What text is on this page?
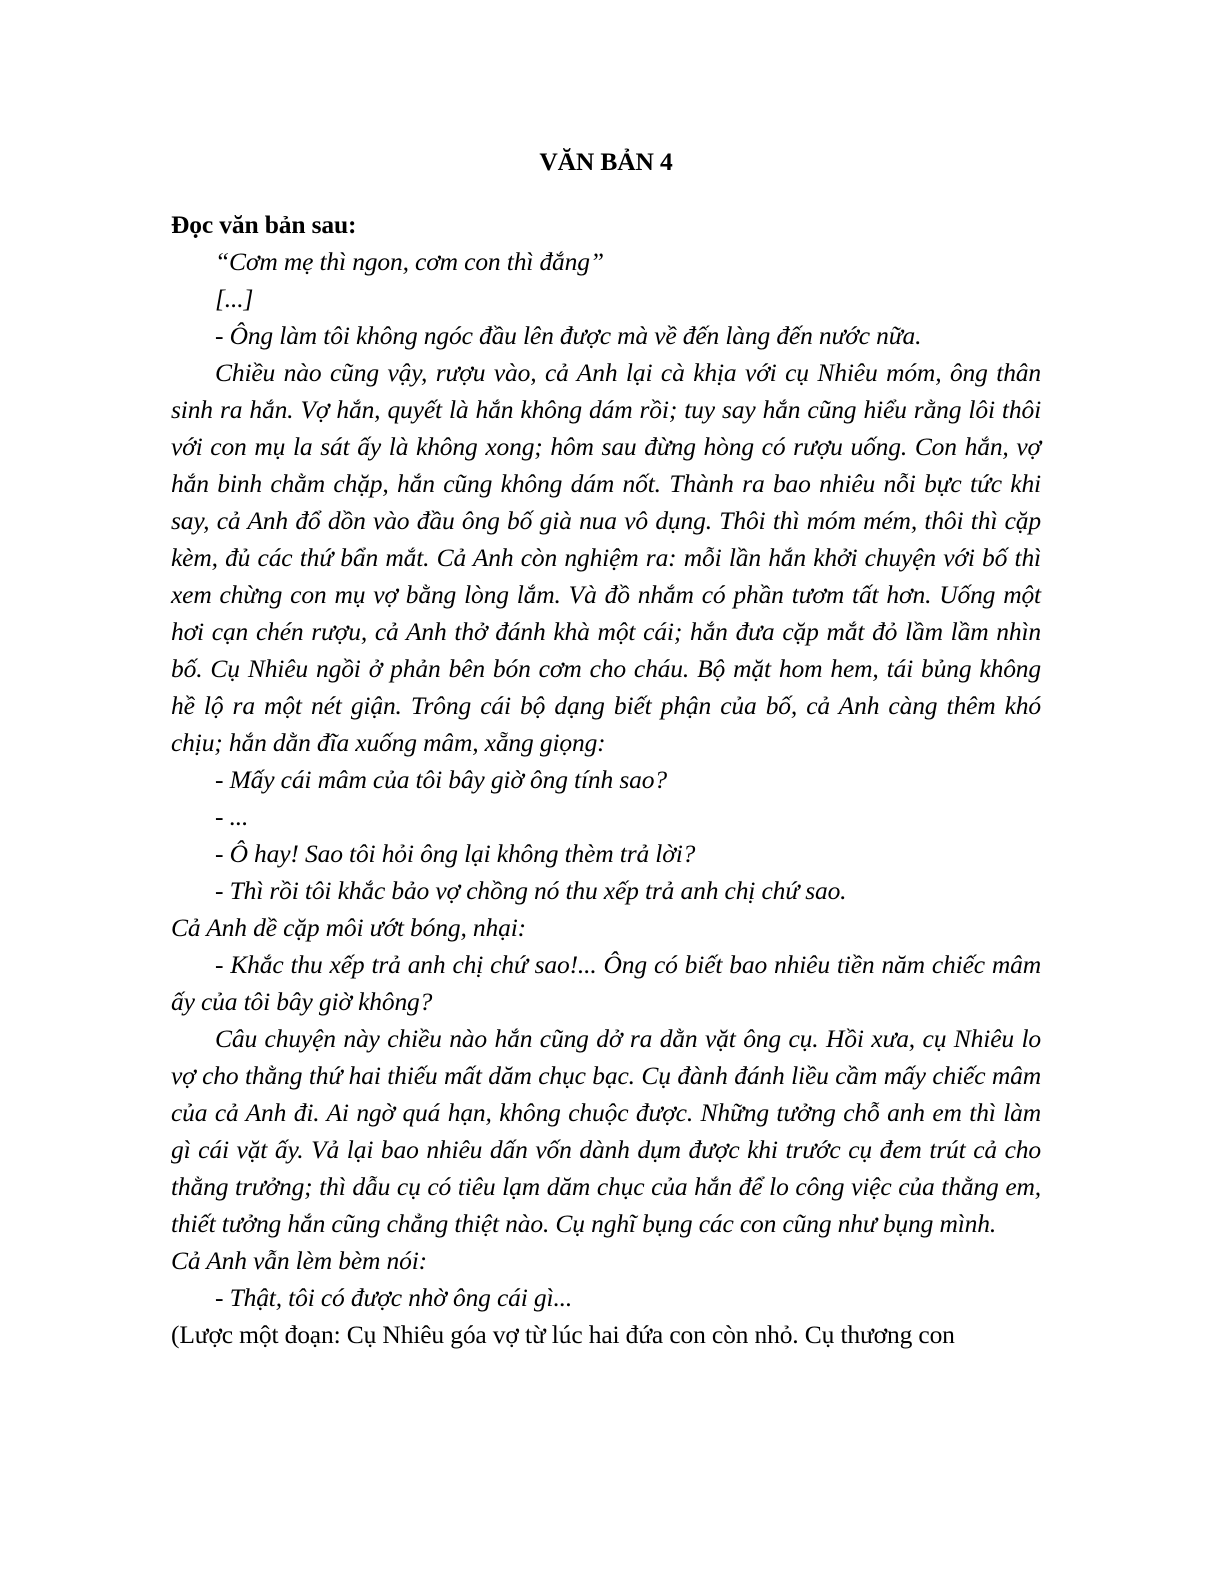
VĂN BẢN 4

Đọc văn bản sau:

“Cơm mẹ thì ngon, cơm con thì đắng”

[...]

- Ông làm tôi không ngóc đầu lên được mà về đến làng đến nước nữa.

Chiều nào cũng vậy, rượu vào, cả Anh lại cà khịa với cụ Nhiêu móm, ông thân sinh ra hắn. Vợ hắn, quyết là hắn không dám rồi; tuy say hắn cũng hiểu rằng lôi thôi với con mụ la sát ấy là không xong; hôm sau đừng hòng có rượu uống. Con hắn, vợ hắn binh chằm chặp, hắn cũng không dám nốt. Thành ra bao nhiêu nỗi bực tức khi say, cả Anh đổ dồn vào đầu ông bố già nua vô dụng. Thôi thì móm mém, thôi thì cặp kèm, đủ các thứ bẩn mắt. Cả Anh còn nghiệm ra: mỗi lần hắn khởi chuyện với bố thì xem chừng con mụ vợ bằng lòng lắm. Và đồ nhắm có phần tươm tất hơn. Uống một hơi cạn chén rượu, cả Anh thở đánh khà một cái; hắn đưa cặp mắt đỏ lầm lầm nhìn bố. Cụ Nhiêu ngồi ở phản bên bón cơm cho cháu. Bộ mặt hom hem, tái bủng không hề lộ ra một nét giận. Trông cái bộ dạng biết phận của bố, cả Anh càng thêm khó chịu; hắn dằn đĩa xuống mâm, xẵng giọng:

- Mấy cái mâm của tôi bây giờ ông tính sao?

- ...

- Ô hay! Sao tôi hỏi ông lại không thèm trả lời?

- Thì rồi tôi khắc bảo vợ chồng nó thu xếp trả anh chị chứ sao.

Cả Anh dề cặp môi ướt bóng, nhại:

- Khắc thu xếp trả anh chị chứ sao!... Ông có biết bao nhiêu tiền năm chiếc mâm ấy của tôi bây giờ không?

Câu chuyện này chiều nào hắn cũng dở ra dằn vặt ông cụ. Hồi xưa, cụ Nhiêu lo vợ cho thằng thứ hai thiếu mất dăm chục bạc. Cụ đành đánh liều cầm mấy chiếc mâm của cả Anh đi. Ai ngờ quá hạn, không chuộc được. Những tưởng chỗ anh em thì làm gì cái vặt ấy. Vả lại bao nhiêu dấn vốn dành dụm được khi trước cụ đem trút cả cho thằng trưởng; thì dẫu cụ có tiêu lạm dăm chục của hắn để lo công việc của thằng em, thiết tưởng hắn cũng chẳng thiệt nào. Cụ nghĩ bụng các con cũng như bụng mình.

Cả Anh vẫn lèm bèm nói:

- Thật, tôi có được nhờ ông cái gì...

(Lược một đoạn: Cụ Nhiêu góa vợ từ lúc hai đứa con còn nhỏ. Cụ thương con
